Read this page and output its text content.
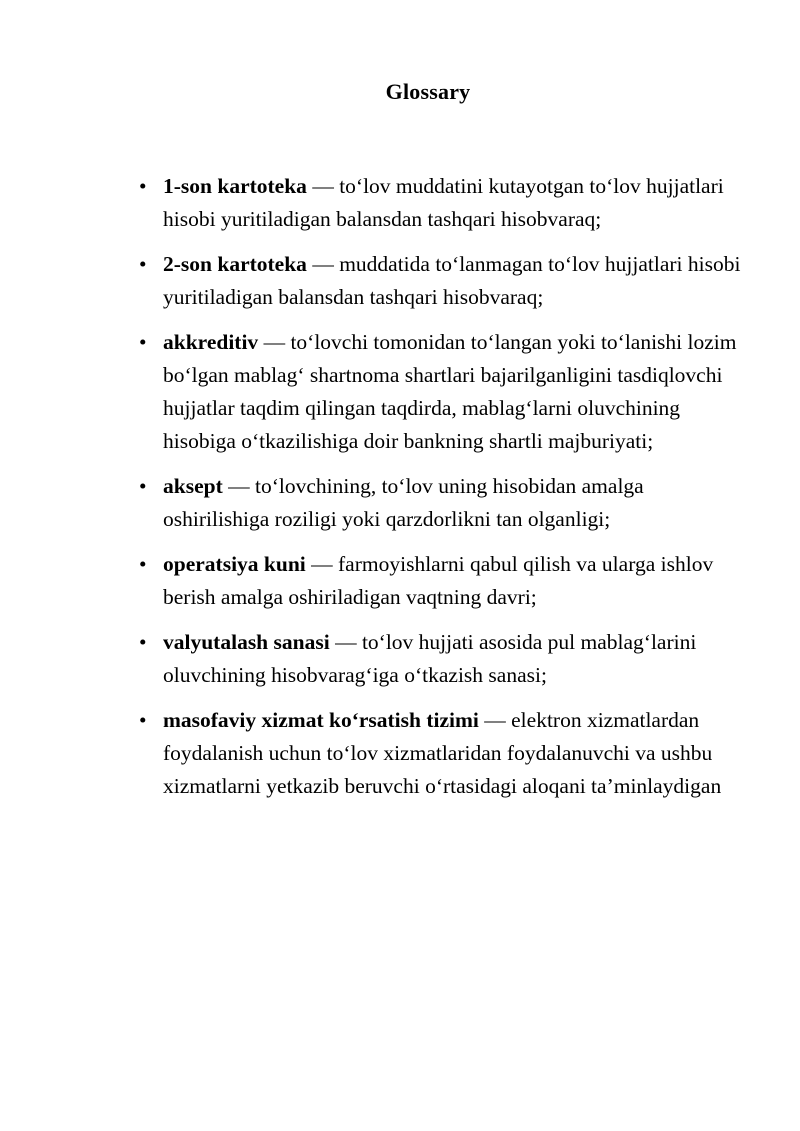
Glossary
• 1-son kartoteka — toʻlov muddatini kutayotgan toʻlov hujjatlari hisobi yuritiladigan balansdan tashqari hisobvaraq;
• 2-son kartoteka — muddatida toʻlanmagan toʻlov hujjatlari hisobi yuritiladigan balansdan tashqari hisobvaraq;
• akkreditiv — toʻlovchi tomonidan toʻlangan yoki toʻlanishi lozim boʻlgan mablagʻ shartnoma shartlari bajarilganligini tasdiqlovchi hujjatlar taqdim qilingan taqdirda, mablagʻlarni oluvchining hisobiga oʻtkazilishiga doir bankning shartli majburiyati;
• aksept — toʻlovchining, toʻlov uning hisobidan amalga oshirilishiga roziligi yoki qarzdorlikni tan olganligi;
• operatsiya kuni — farmoyishlarni qabul qilish va ularga ishlov berish amalga oshiriladigan vaqtning davri;
• valyutalash sanasi — toʻlov hujjati asosida pul mablagʻlarini oluvchining hisobvaragʻiga oʻtkazish sanasi;
• masofaviy xizmat koʻrsatish tizimi — elektron xizmatlardan foydalanish uchun toʻlov xizmatlaridan foydalanuvchi va ushbu xizmatlarni yetkazib beruvchi oʻrtasidagi aloqani ta’minlaydigan
